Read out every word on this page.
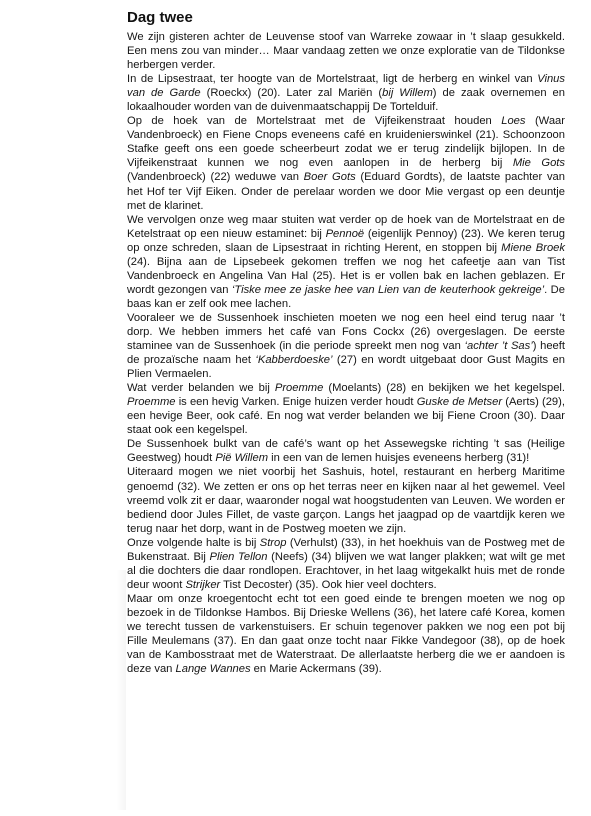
Dag twee

We zijn gisteren achter de Leuvense stoof van Warreke zowaar in ’t slaap gesukkeld. Een mens zou van minder… Maar vandaag zetten we onze exploratie van de Tildonkse herbergen verder.

In de Lipsestraat, ter hoogte van de Mortelstraat, ligt de herberg en winkel van Vinus van de Garde (Roeckx) (20). Later zal Mariën (bij Willem) de zaak overnemen en lokaalhouder worden van de duivenmaatschappij De Tortelduif.

Op de hoek van de Mortelstraat met de Vijfeikenstraat houden Loes (Waar Vandenbroeck) en Fiene Cnops eveneens café en kruidenierswinkel (21). Schoonzoon Stafke geeft ons een goede scheerbeurt zodat we er terug zindelijk bijlopen. In de Vijfeikenstraat kunnen we nog even aanlopen in de herberg bij Mie Gots (Vandenbroeck) (22) weduwe van Boer Gots (Eduard Gordts), de laatste pachter van het Hof ter Vijf Eiken. Onder de perelaar worden we door Mie vergast op een deuntje met de klarinet.

We vervolgen onze weg maar stuiten wat verder op de hoek van de Mortelstraat en de Ketelstraat op een nieuw estaminet: bij Pennoë (eigenlijk Pennoy) (23). We keren terug op onze schreden, slaan de Lipsestraat in richting Herent, en stoppen bij Miene Broek (24). Bijna aan de Lipsebeek gekomen treffen we nog het cafeetje aan van Tist Vandenbroeck en Angelina Van Hal (25). Het is er vollen bak en lachen geblazen. Er wordt gezongen van ‘Tiske mee ze jaske hee van Lien van de keuterhook gekreige’. De baas kan er zelf ook mee lachen.

Vooraleer we de Sussenhoek inschieten moeten we nog een heel eind terug naar ’t dorp. We hebben immers het café van Fons Cockx (26) overgeslagen. De eerste staminee van de Sussenhoek (in die periode spreekt men nog van ‘achter ’t Sas’) heeft de prozaïsche naam het ‘Kabberdoeske’ (27) en wordt uitgebaat door Gust Magits en Plien Vermaelen.

Wat verder belanden we bij Proemme (Moelants) (28) en bekijken we het kegelspel. Proemme is een hevig Varken. Enige huizen verder houdt Guske de Metser (Aerts) (29), een hevige Beer, ook café. En nog wat verder belanden we bij Fiene Croon (30). Daar staat ook een kegelspel.

De Sussenhoek bulkt van de café’s want op het Assewegske richting ’t sas (Heilige Geestweg) houdt Pië Willem in een van de lemen huisjes eveneens herberg (31)!

Uiteraard mogen we niet voorbij het Sashuis, hotel, restaurant en herberg Maritime genoemd (32). We zetten er ons op het terras neer en kijken naar al het gewemel. Veel vreemd volk zit er daar, waaronder nogal wat hoogstudenten van Leuven. We worden er bediend door Jules Fillet, de vaste garçon. Langs het jaagpad op de vaartdijk keren we terug naar het dorp, want in de Postweg moeten we zijn.

Onze volgende halte is bij Strop (Verhulst) (33), in het hoekhuis van de Postweg met de Bukenstraat. Bij Plien Tellon (Neefs) (34) blijven we wat langer plakken; wat wilt ge met al die dochters die daar rondlopen. Erachtover, in het laag witgekalkt huis met de ronde deur woont Strijker Tist Decoster) (35). Ook hier veel dochters.

Maar om onze kroegentocht echt tot een goed einde te brengen moeten we nog op bezoek in de Tildonkse Hambos. Bij Drieske Wellens (36), het latere café Korea, komen we terecht tussen de varkenstuisers. Er schuin tegenover pakken we nog een pot bij Fille Meulemans (37). En dan gaat onze tocht naar Fikke Vandegoor (38), op de hoek van de Kambosstraat met de Waterstraat. De allerlaatste herberg die we er aandoen is deze van Lange Wannes en Marie Ackermans (39).
